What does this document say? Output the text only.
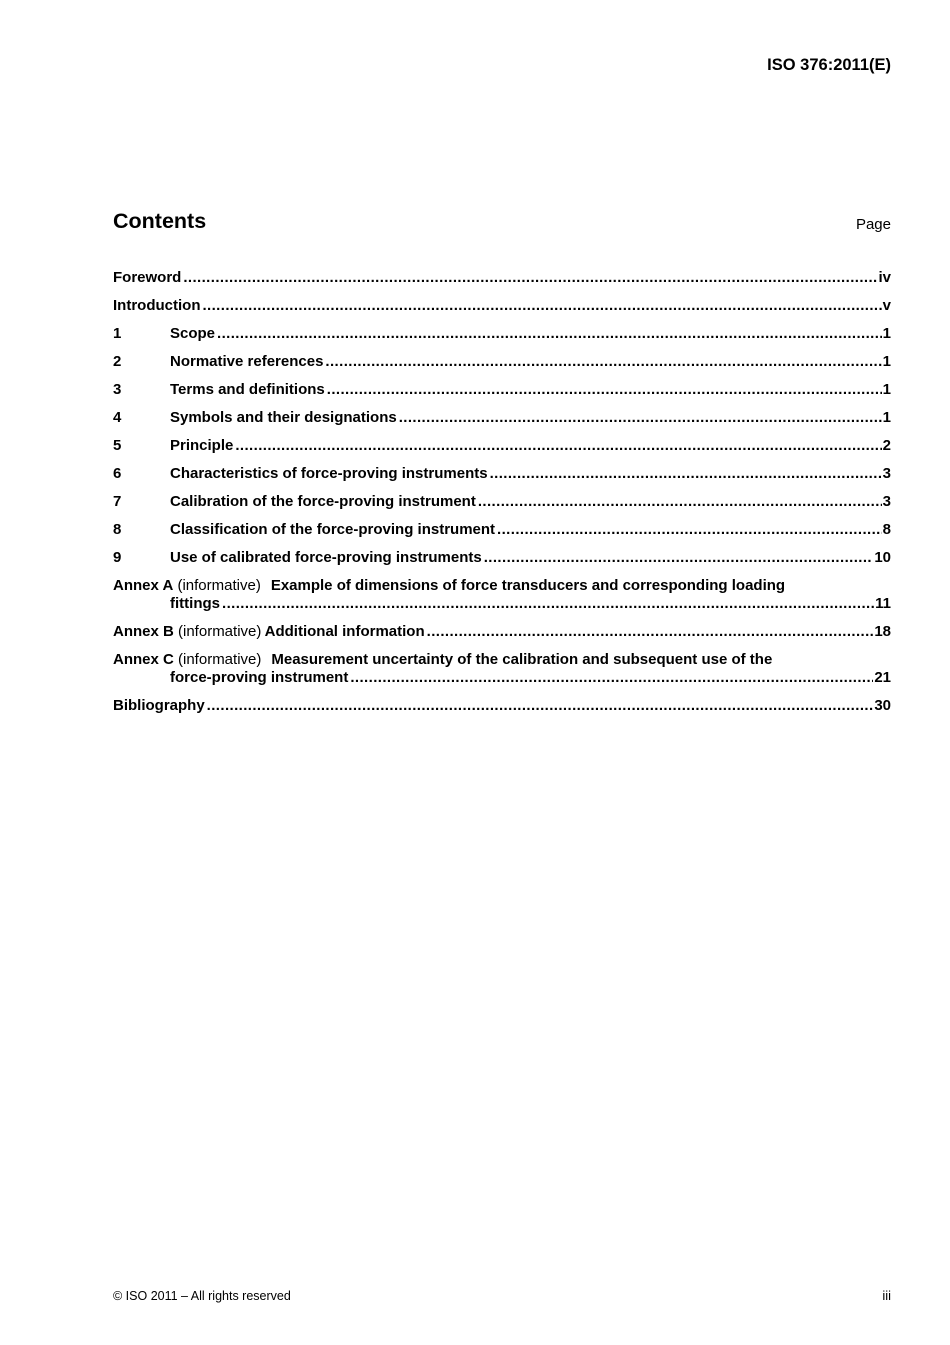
ISO 376:2011(E)
Contents	Page
Foreword .....	iv
Introduction .....	v
1	Scope .....	1
2	Normative references .....	1
3	Terms and definitions .....	1
4	Symbols and their designations .....	1
5	Principle .....	2
6	Characteristics of force-proving instruments .....	3
7	Calibration of the force-proving instrument .....	3
8	Classification of the force-proving instrument .....	8
9	Use of calibrated force-proving instruments .....	10
Annex A
(informative) Example of dimensions of force transducers and corresponding loading
fittings .....	11
Annex B
(informative) Additional information .....	18
Annex C
(informative) Measurement uncertainty of the calibration and subsequent use of the
force-proving instrument .....	21
Bibliography .....	30
© ISO 2011 – All rights reserved	iii
